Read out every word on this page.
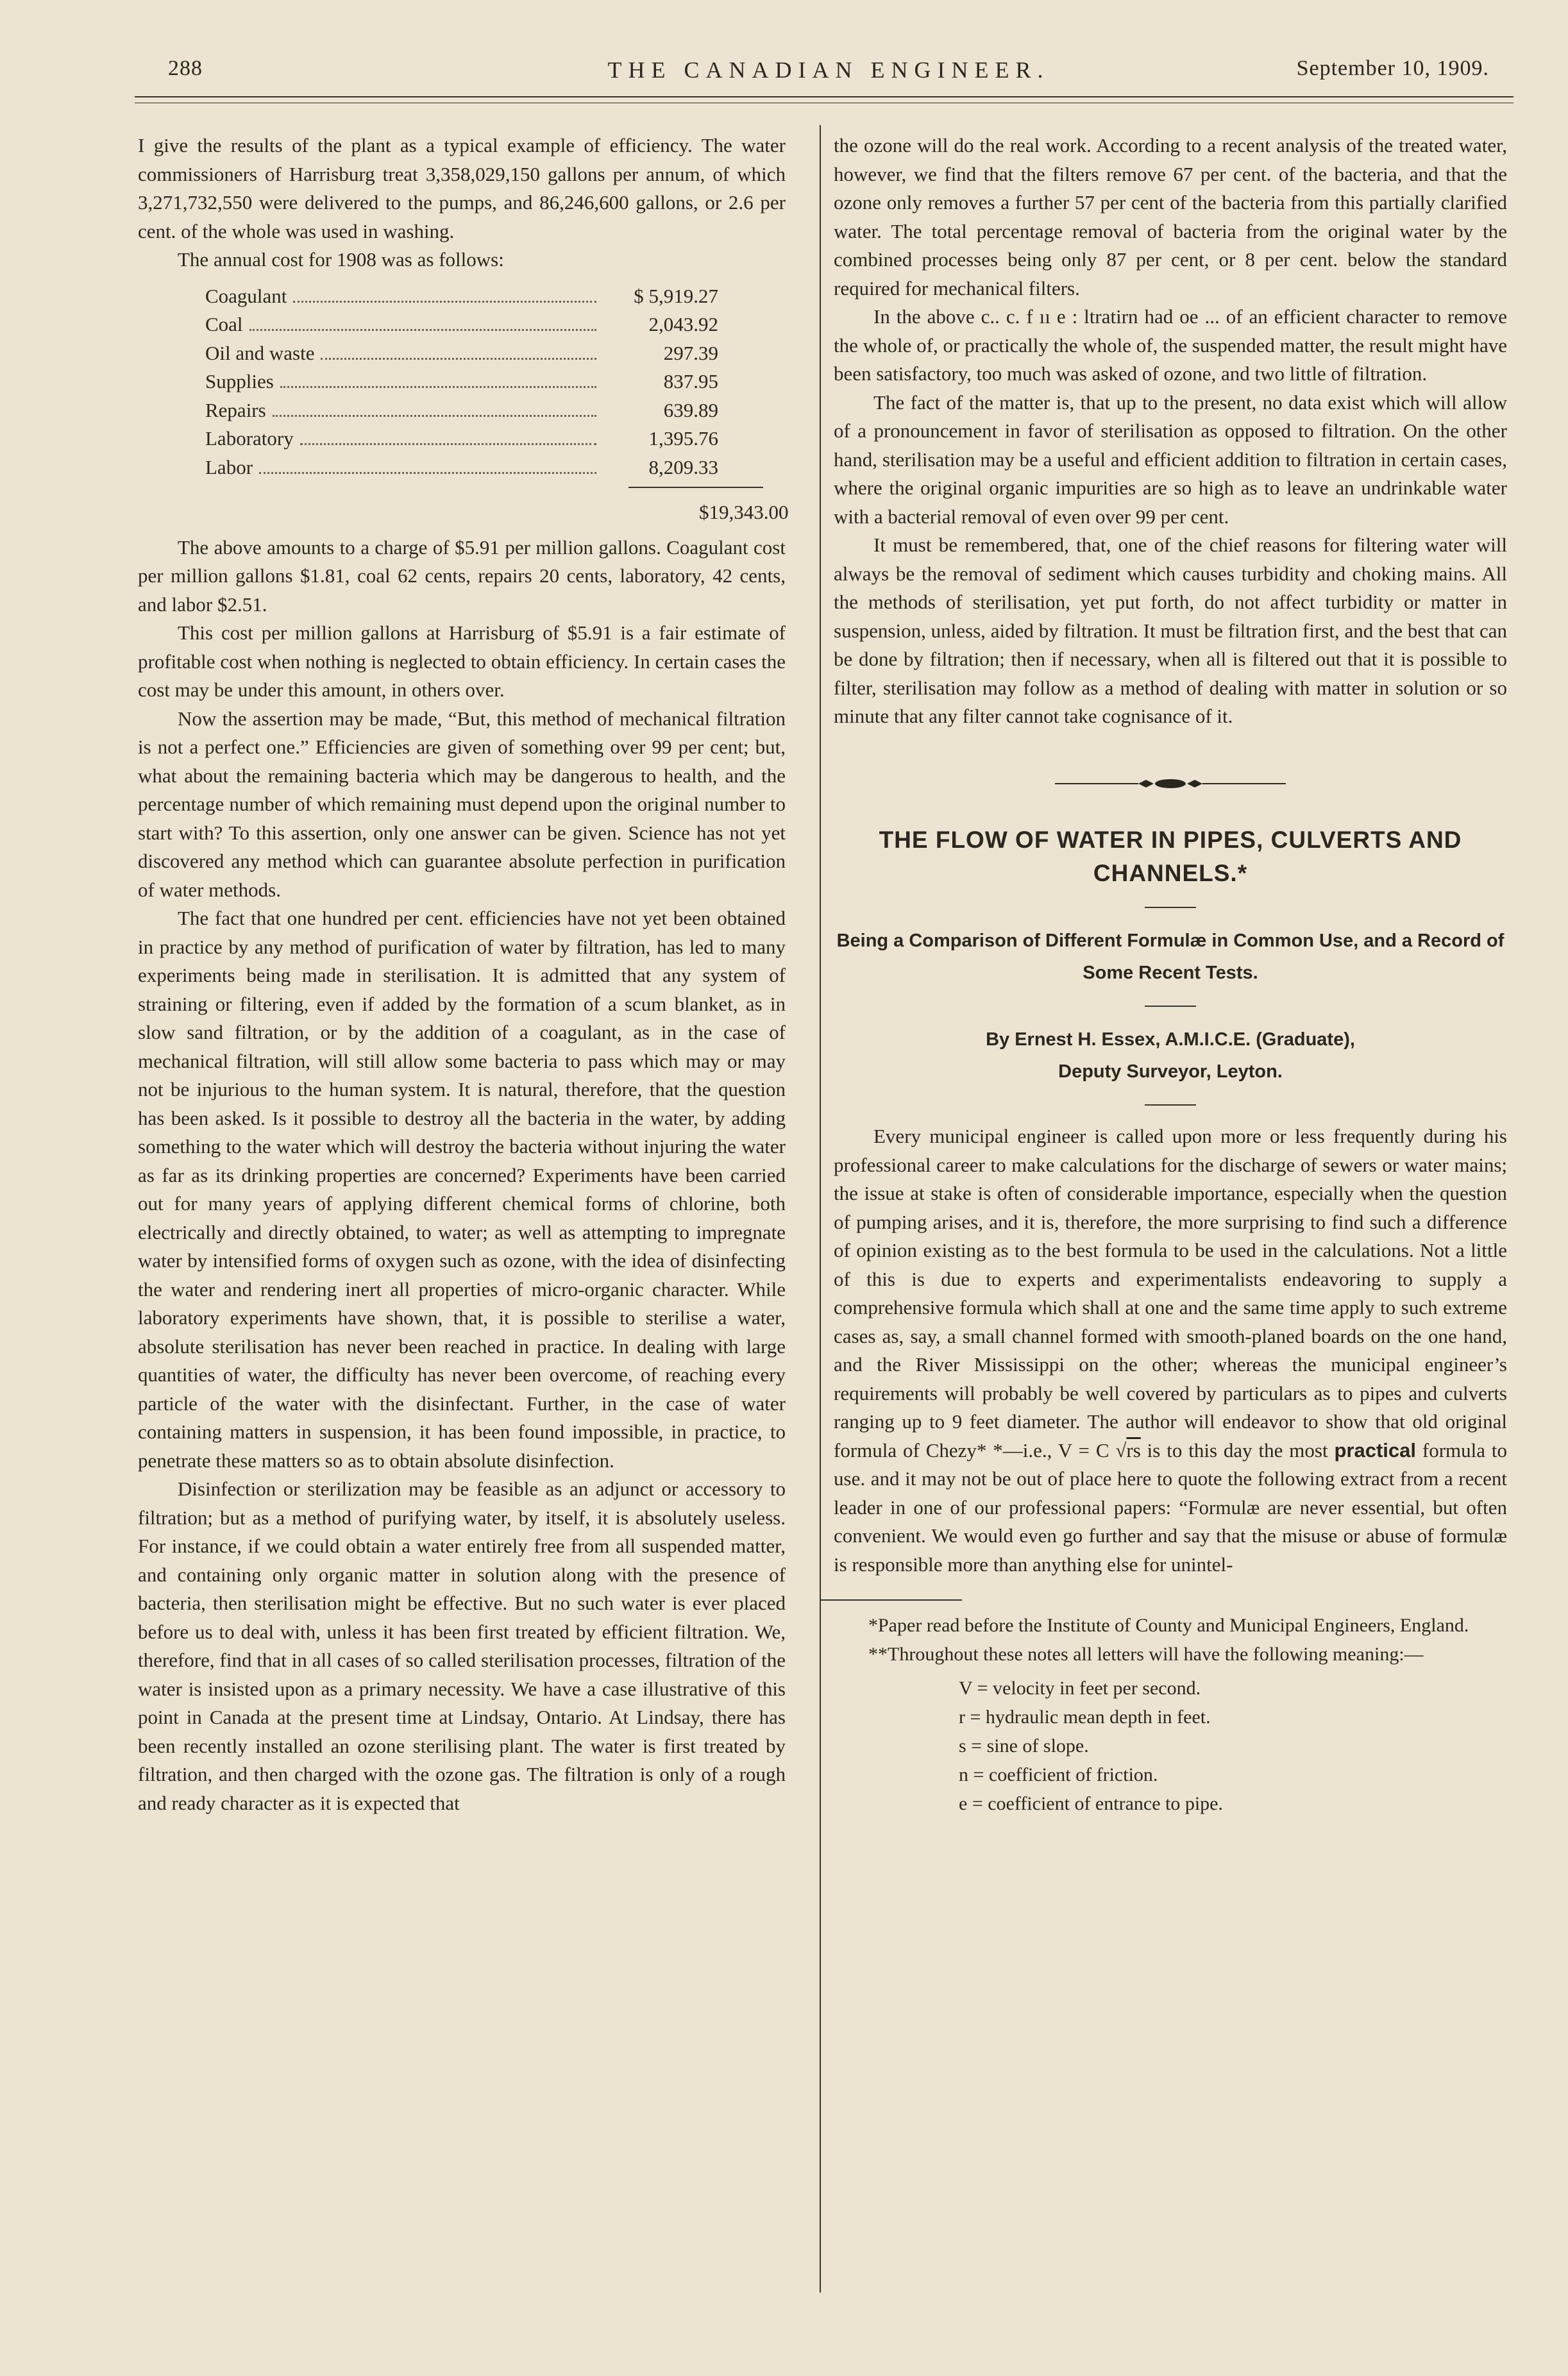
288	THE CANADIAN ENGINEER.	September 10, 1909.

I give the results of the plant as a typical example of efficiency. The water commissioners of Harrisburg treat 3,358,029,150 gallons per annum, of which 3,271,732,550 were delivered to the pumps, and 86,246,600 gallons, or 2.6 per cent. of the whole was used in washing.

The annual cost for 1908 was as follows:

Coagulant	$ 5,919.27
Coal	2,043.92
Oil and waste	297.39
Supplies	837.95
Repairs	639.89
Laboratory	1,395.76
Labor	8,209.33
$19,343.00

The above amounts to a charge of $5.91 per million gallons. Coagulant cost per million gallons $1.81, coal 62 cents, repairs 20 cents, laboratory, 42 cents, and labor $2.51.

This cost per million gallons at Harrisburg of $5.91 is a fair estimate of profitable cost when nothing is neglected to obtain efficiency. In certain cases the cost may be under this amount, in others over.

Now the assertion may be made, “But, this method of mechanical filtration is not a perfect one.” Efficiencies are given of something over 99 per cent; but, what about the remaining bacteria which may be dangerous to health, and the percentage number of which remaining must depend upon the original number to start with? To this assertion, only one answer can be given. Science has not yet discovered any method which can guarantee absolute perfection in purification of water methods.

The fact that one hundred per cent. efficiencies have not yet been obtained in practice by any method of purification of water by filtration, has led to many experiments being made in sterilisation. It is admitted that any system of straining or filtering, even if added by the formation of a scum blanket, as in slow sand filtration, or by the addition of a coagulant, as in the case of mechanical filtration, will still allow some bacteria to pass which may or may not be injurious to the human system. It is natural, therefore, that the question has been asked. Is it possible to destroy all the bacteria in the water, by adding something to the water which will destroy the bacteria without injuring the water as far as its drinking properties are concerned? Experiments have been carried out for many years of applying different chemical forms of chlorine, both electrically and directly obtained, to water; as well as attempting to impregnate water by intensified forms of oxygen such as ozone, with the idea of disinfecting the water and rendering inert all properties of micro-organic character. While laboratory experiments have shown, that, it is possible to sterilise a water, absolute sterilisation has never been reached in practice. In dealing with large quantities of water, the difficulty has never been overcome, of reaching every particle of the water with the disinfectant. Further, in the case of water containing matters in suspension, it has been found impossible, in practice, to penetrate these matters so as to obtain absolute disinfection.

Disinfection or sterilization may be feasible as an adjunct or accessory to filtration; but as a method of purifying water, by itself, it is absolutely useless. For instance, if we could obtain a water entirely free from all suspended matter, and containing only organic matter in solution along with the presence of bacteria, then sterilisation might be effective. But no such water is ever placed before us to deal with, unless it has been first treated by efficient filtration. We, therefore, find that in all cases of so called sterilisation processes, filtration of the water is insisted upon as a primary necessity. We have a case illustrative of this point in Canada at the present time at Lindsay, Ontario. At Lindsay, there has been recently installed an ozone sterilising plant. The water is first treated by filtration, and then charged with the ozone gas. The filtration is only of a rough and ready character as it is expected that

the ozone will do the real work. According to a recent analysis of the treated water, however, we find that the filters remove 67 per cent. of the bacteria, and that the ozone only removes a further 57 per cent of the bacteria from this partially clarified water. The total percentage removal of bacteria from the original water by the combined processes being only 87 per cent, or 8 per cent. below the standard required for mechanical filters.

In the above c.. c. f ıı e : ltratirn had oe ... of an efficient character to remove the whole of, or practically the whole of, the suspended matter, the result might have been satisfactory, too much was asked of ozone, and two little of filtration.

The fact of the matter is, that up to the present, no data exist which will allow of a pronouncement in favor of sterilisation as opposed to filtration. On the other hand, sterilisation may be a useful and efficient addition to filtration in certain cases, where the original organic impurities are so high as to leave an undrinkable water with a bacterial removal of even over 99 per cent.

It must be remembered, that, one of the chief reasons for filtering water will always be the removal of sediment which causes turbidity and choking mains. All the methods of sterilisation, yet put forth, do not affect turbidity or matter in suspension, unless, aided by filtration. It must be filtration first, and the best that can be done by filtration; then if necessary, when all is filtered out that it is possible to filter, sterilisation may follow as a method of dealing with matter in solution or so minute that any filter cannot take cognisance of it.

THE FLOW OF WATER IN PIPES, CULVERTS AND CHANNELS.*
Being a Comparison of Different Formulæ in Common Use, and a Record of Some Recent Tests.
By Ernest H. Essex, A.M.I.C.E. (Graduate),
Deputy Surveyor, Leyton.

Every municipal engineer is called upon more or less frequently during his professional career to make calculations for the discharge of sewers or water mains; the issue at stake is often of considerable importance, especially when the question of pumping arises, and it is, therefore, the more surprising to find such a difference of opinion existing as to the best formula to be used in the calculations. Not a little of this is due to experts and experimentalists endeavoring to supply a comprehensive formula which shall at one and the same time apply to such extreme cases as, say, a small channel formed with smooth-planed boards on the one hand, and the River Mississippi on the other; whereas the municipal engineer’s requirements will probably be well covered by particulars as to pipes and culverts ranging up to 9 feet diameter. The author will endeavor to show that old original formula of Chezy* *—i.e., V = C √rs is to this day the most practical formula to use. and it may not be out of place here to quote the following extract from a recent leader in one of our professional papers: “Formulæ are never essential, but often convenient. We would even go further and say that the misuse or abuse of formulæ is responsible more than anything else for unintel-

*Paper read before the Institute of County and Municipal Engineers, England.

**Throughout these notes all letters will have the following meaning:—

V = velocity in feet per second.
r = hydraulic mean depth in feet.
s = sine of slope.
n = coefficient of friction.
e = coefficient of entrance to pipe.
